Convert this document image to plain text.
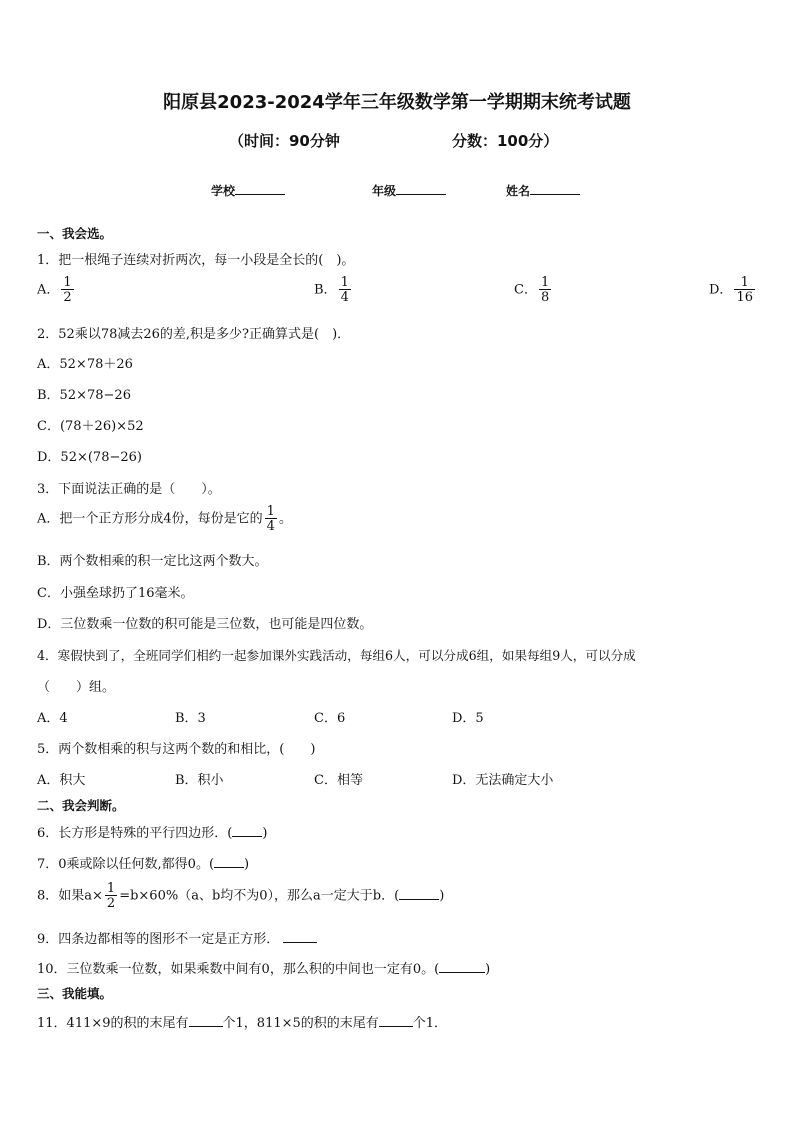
阳原县2023-2024学年三年级数学第一学期期末统考试题
（时间：90分钟	分数：100分）
学校	年级	姓名
一、我会选。
1．把一根绳子连续对折两次，每一小段是全长的(　)。
A． $\frac{1}{2}$	B． $\frac{1}{4}$	C． $\frac{1}{8}$	D． $\frac{1}{16}$
2．52乘以78减去26的差,积是多少?正确算式是(　)．
A．52×78＋26
B．52×78−26
C．(78＋26)×52
D．52×(78−26)
3．下面说法正确的是（　　）。
A．把一个正方形分成4份，每份是它的 $\frac{1}{4}$ 。
B．两个数相乘的积一定比这两个数大。
C．小强垒球扔了16毫米。
D．三位数乘一位数的积可能是三位数，也可能是四位数。
4．寒假快到了，全班同学们相约一起参加课外实践活动，每组6人，可以分成6组，如果每组9人，可以分成
（　　）组。
A．4	B．3	C．6	D．5
5．两个数相乘的积与这两个数的和相比，(　　)
A．积大	B．积小	C．相等	D．无法确定大小
二、我会判断。
6．长方形是特殊的平行四边形．( )
7．0乘或除以任何数,都得0。( )
8．如果$a\times \frac{1}{2} =b\times 60\%(a$、b均不为0），那么a一定大于b．(	)
9．四条边都相等的图形不一定是正方形．
10．三位数乘一位数，如果乘数中间有0，那么积的中间也一定有0。(	)
三、我能填。
11．411×9的积的末尾有	个1，811×5的积的末尾有	个1．
